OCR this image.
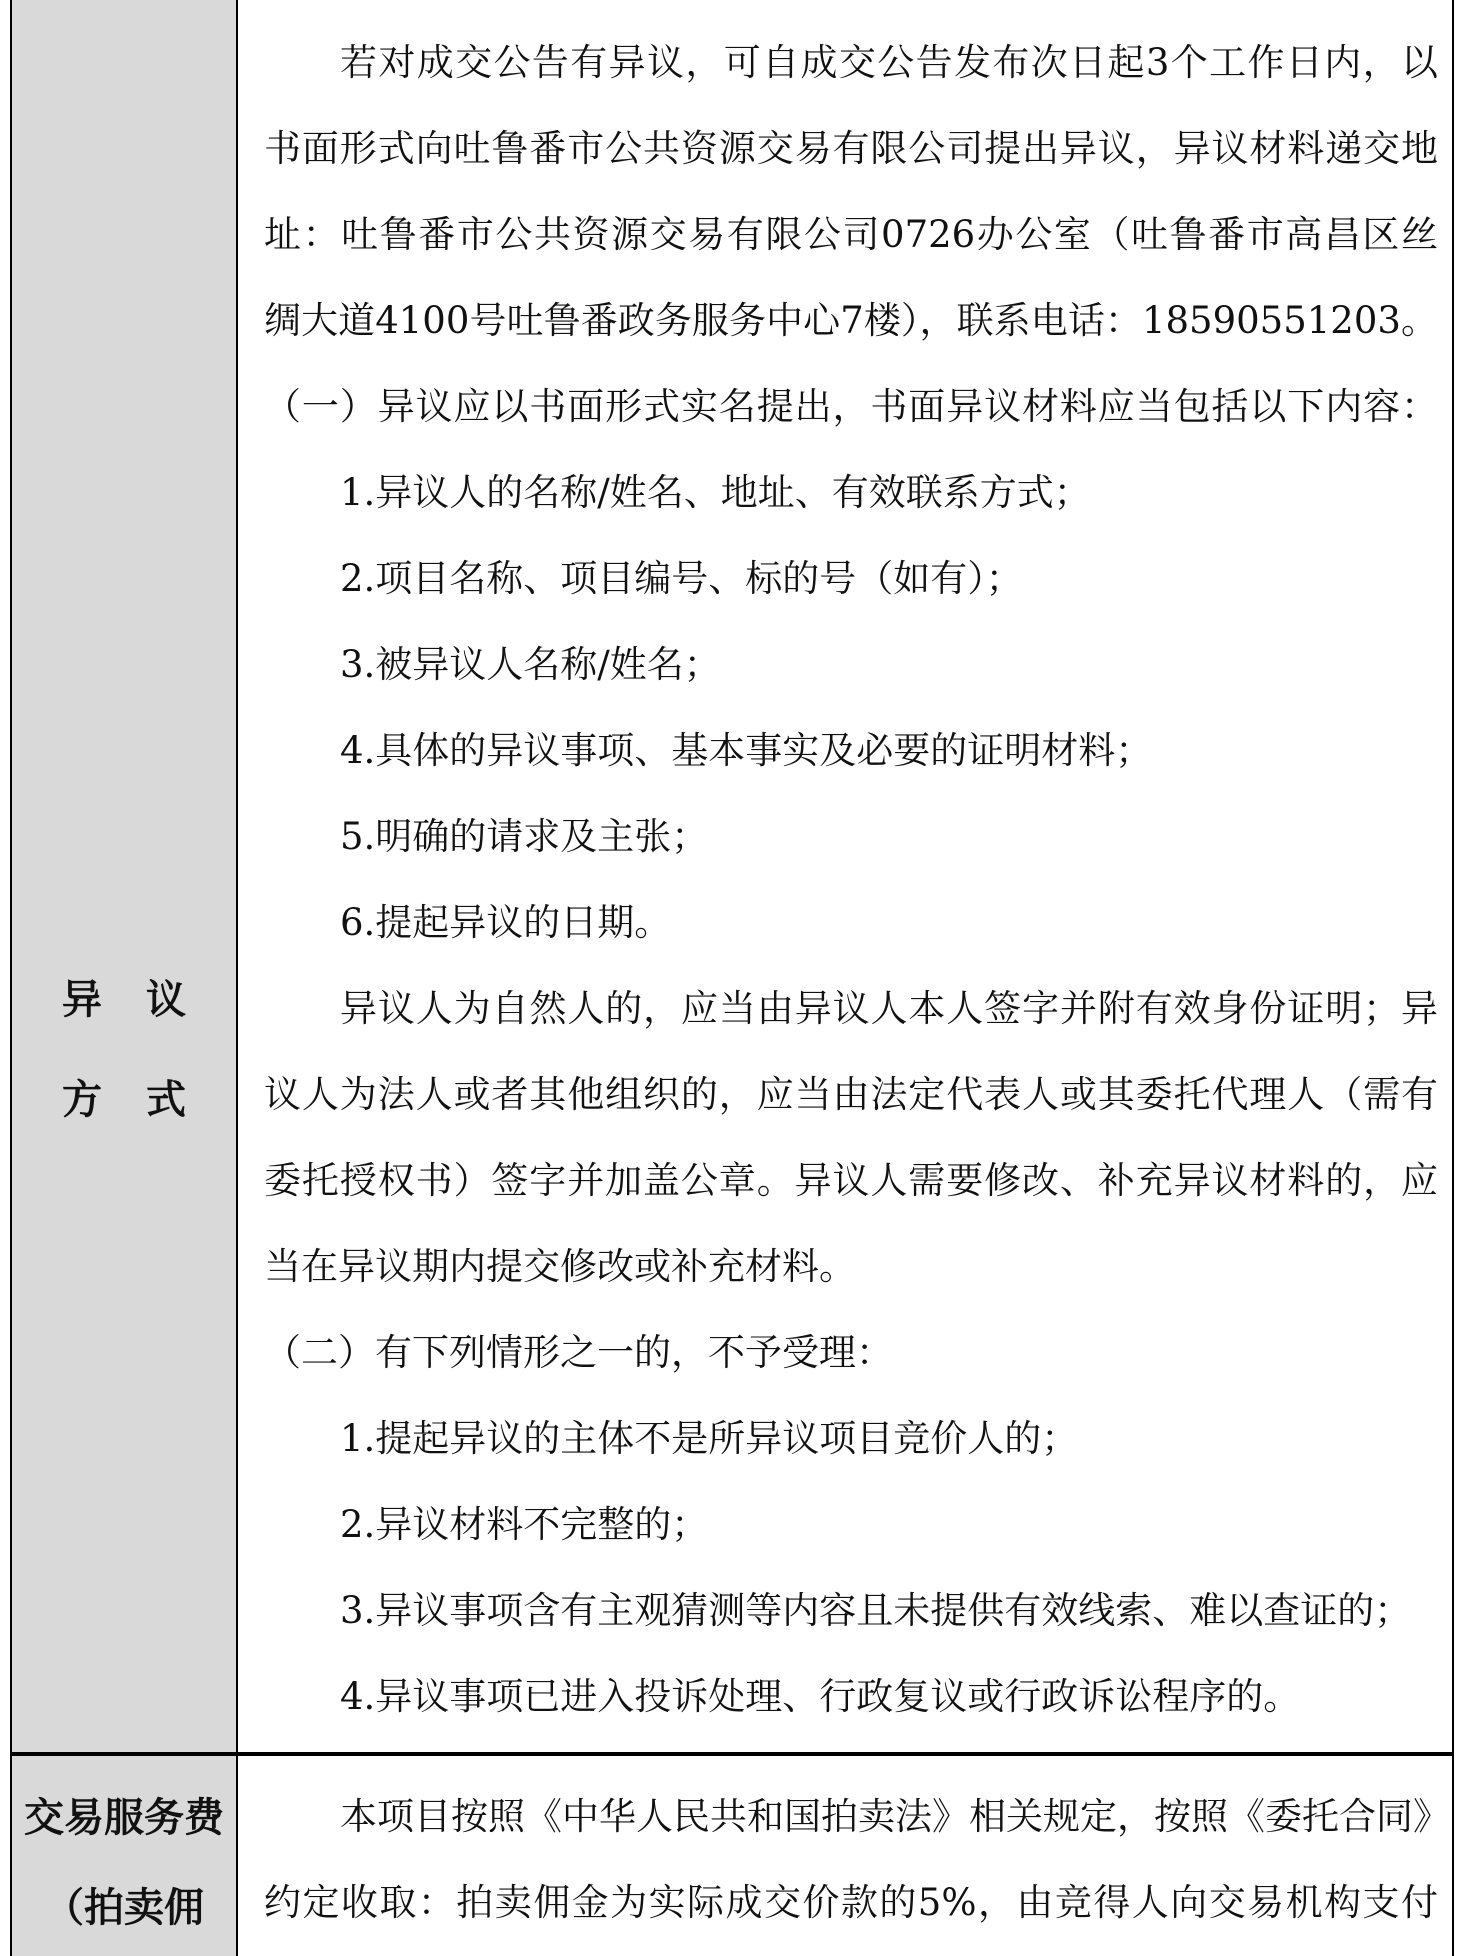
异议
方式
若对成交公告有异议，可自成交公告发布次日起3个工作日内，以
书面形式向吐鲁番市公共资源交易有限公司提出异议，异议材料递交地
址：吐鲁番市公共资源交易有限公司0726办公室（吐鲁番市高昌区丝
绸大道4100号吐鲁番政务服务中心7楼），联系电话：18590551203。
（一）异议应以书面形式实名提出，书面异议材料应当包括以下内容：
1.异议人的名称/姓名、地址、有效联系方式；
2.项目名称、项目编号、标的号（如有）；
3.被异议人名称/姓名；
4.具体的异议事项、基本事实及必要的证明材料；
5.明确的请求及主张；
6.提起异议的日期。
异议人为自然人的，应当由异议人本人签字并附有效身份证明；异
议人为法人或者其他组织的，应当由法定代表人或其委托代理人（需有
委托授权书）签字并加盖公章。异议人需要修改、补充异议材料的，应
当在异议期内提交修改或补充材料。
（二）有下列情形之一的，不予受理：
1.提起异议的主体不是所异议项目竞价人的；
2.异议材料不完整的；
3.异议事项含有主观猜测等内容且未提供有效线索、难以查证的；
4.异议事项已进入投诉处理、行政复议或行政诉讼程序的。
交易服务费
（拍卖佣
本项目按照《中华人民共和国拍卖法》相关规定，按照《委托合同》
约定收取：拍卖佣金为实际成交价款的5%，由竞得人向交易机构支付
